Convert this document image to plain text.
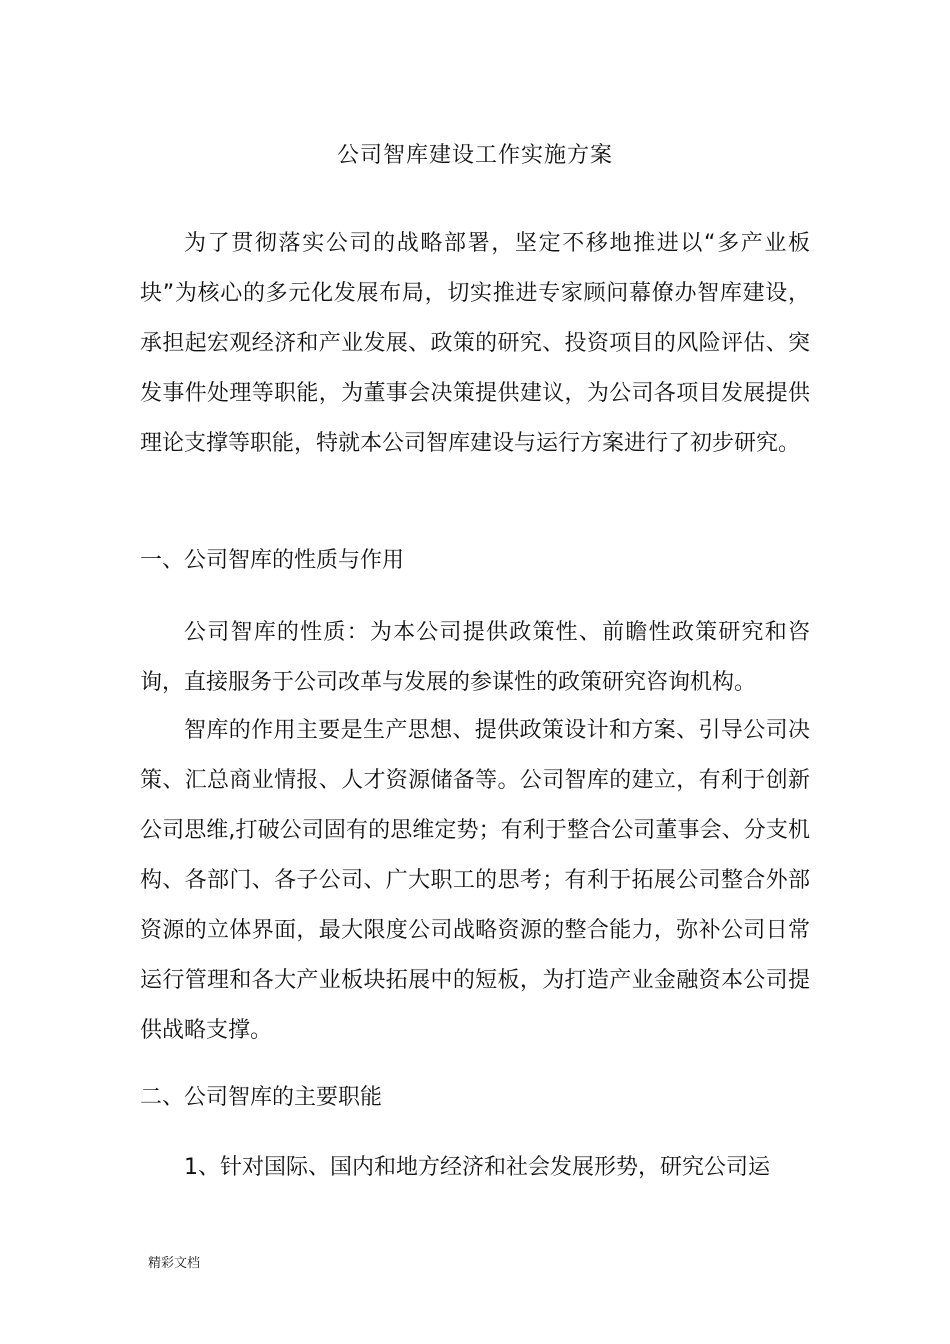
公司智库建设工作实施方案

为了贯彻落实公司的战略部署，坚定不移地推进以“多产业板块”为核心的多元化发展布局，切实推进专家顾问幕僚办智库建设，承担起宏观经济和产业发展、政策的研究、投资项目的风险评估、突发事件处理等职能，为董事会决策提供建议，为公司各项目发展提供理论支撑等职能，特就本公司智库建设与运行方案进行了初步研究。

一、公司智库的性质与作用

公司智库的性质：为本公司提供政策性、前瞻性政策研究和咨询，直接服务于公司改革与发展的参谋性的政策研究咨询机构。

智库的作用主要是生产思想、提供政策设计和方案、引导公司决策、汇总商业情报、人才资源储备等。公司智库的建立，有利于创新公司思维,打破公司固有的思维定势；有利于整合公司董事会、分支机构、各部门、各子公司、广大职工的思考；有利于拓展公司整合外部资源的立体界面，最大限度公司战略资源的整合能力，弥补公司日常运行管理和各大产业板块拓展中的短板，为打造产业金融资本公司提供战略支撑。

二、公司智库的主要职能

1、针对国际、国内和地方经济和社会发展形势，研究公司运

精彩文档
